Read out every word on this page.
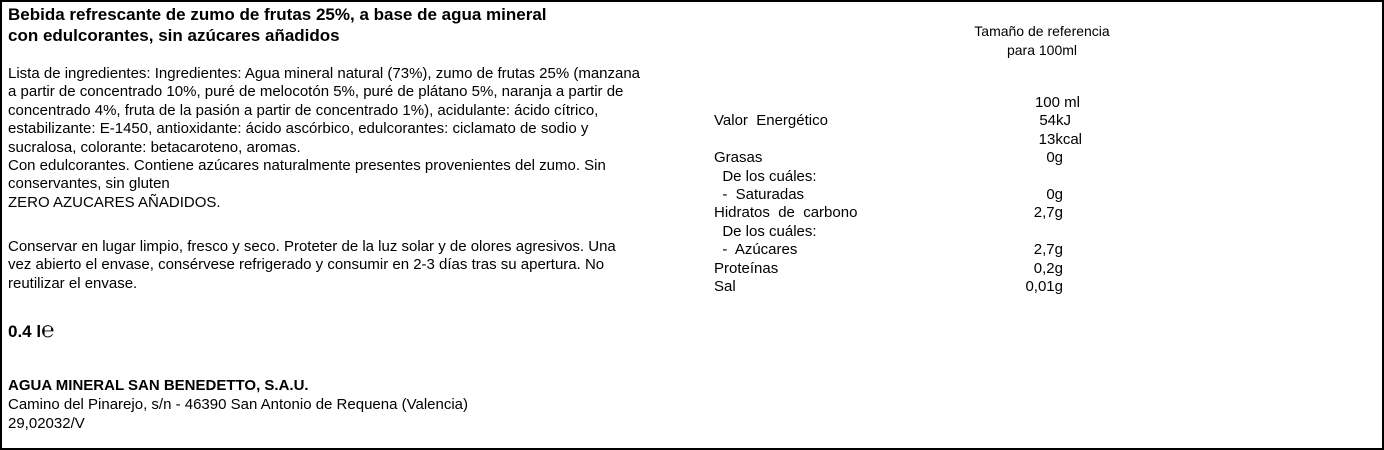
Bebida refrescante de zumo de frutas 25%, a base de agua mineral
con edulcorantes, sin azúcares añadidos
Lista de ingredientes: Ingredientes: Agua mineral natural (73%), zumo de frutas 25% (manzana
a partir de concentrado 10%, puré de melocotón 5%, puré de plátano 5%, naranja a partir de
concentrado 4%, fruta de la pasión a partir de concentrado 1%), acidulante: ácido cítrico,
estabilizante: E-1450, antioxidante: ácido ascórbico, edulcorantes: ciclamato de sodio y
sucralosa, colorante: betacaroteno, aromas.
Con edulcorantes. Contiene azúcares naturalmente presentes provenientes del zumo. Sin
conservantes, sin gluten
ZERO AZUCARES AÑADIDOS.
Conservar en lugar limpio, fresco y seco. Proteter de la luz solar y de olores agresivos. Una
vez abierto el envase, consérvese refrigerado y consumir en 2-3 días tras su apertura. No
reutilizar el envase.
0.4 l℮
AGUA MINERAL SAN BENEDETTO, S.A.U.
Camino del Pinarejo, s/n - 46390 San Antonio de Requena (Valencia)
29,02032/V
Tamaño de referencia
para 100ml
100 ml
Valor  Energético	54kJ
13kcal
Grasas	0g
De los cuáles:
-  Saturadas	0g
Hidratos  de  carbono	2,7g
De los cuáles:
-  Azúcares	2,7g
Proteínas	0,2g
Sal	0,01g
